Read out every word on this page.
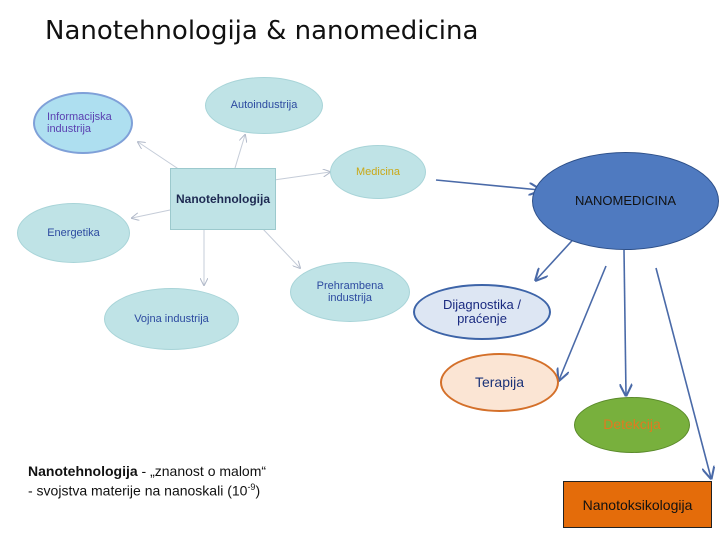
Nanotehnologija & nanomedicina
Informacijska industrija
Autoindustrija
Medicina
Nanotehnologija
Energetika
Prehrambena industrija
Vojna industrija
NANOMEDICINA
Dijagnostika / praćenje
Terapija
Detekcija
Nanotoksikologija
Nanotehnologija - „znanost o malom“
- svojstva materije na nanoskali $(10^{-9})$
